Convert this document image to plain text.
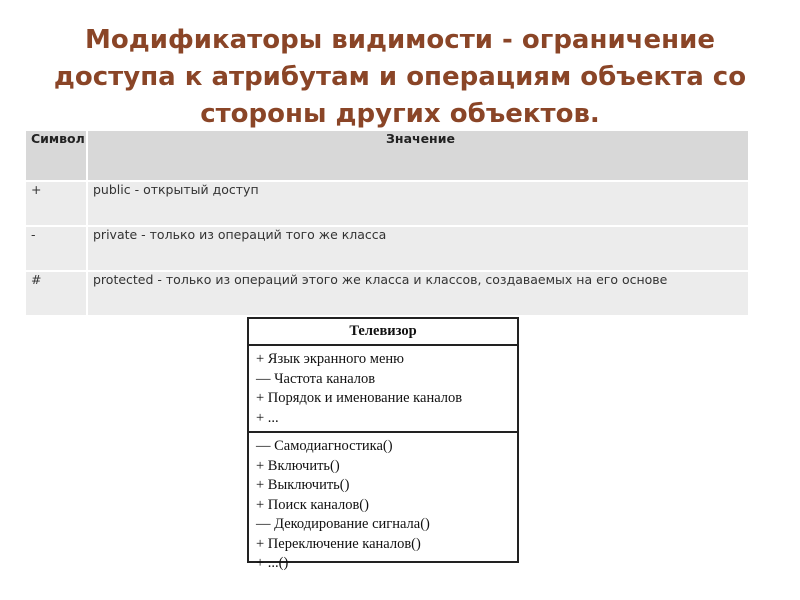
Модификаторы видимости - ограничение
доступа к атрибутам и операциям объекта со
стороны других объектов.
Символ	Значение
+	public - открытый доступ
-	private - только из операций того же класса
#	protected - только из операций этого же класса и классов, создаваемых на его основе
Телевизор
+ Язык экранного меню
— Частота каналов
+ Порядок и именование каналов
+ ...
— Самодиагностика()
+ Включить()
+ Выключить()
+ Поиск каналов()
— Декодирование сигнала()
+ Переключение каналов()
+ ...()
